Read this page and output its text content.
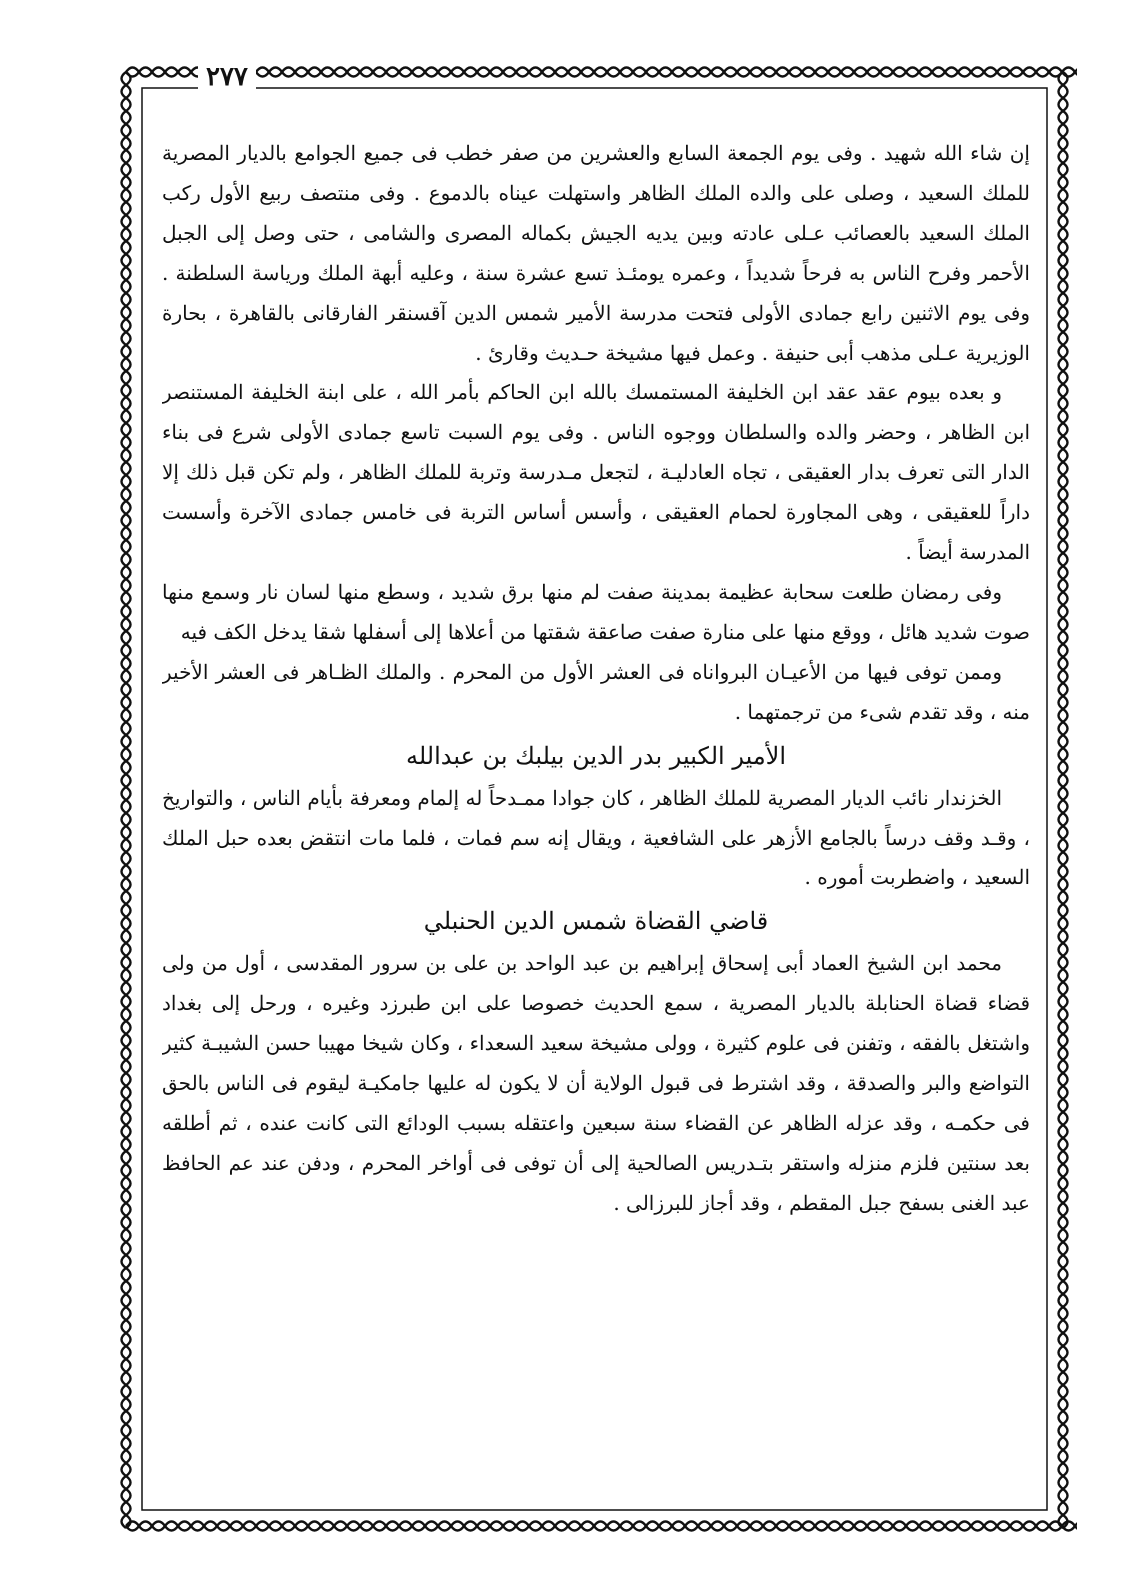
٢٧٧

إن شاء الله شهيد . وفى يوم الجمعة السابع والعشرين من صفر خطب فى جميع الجوامع بالديار المصرية للملك السعيد ، وصلى على والده الملك الظاهر واستهلت عيناه بالدموع . وفى منتصف ربيع الأول ركب الملك السعيد بالعصائب عـلى عادته وبين يديه الجيش بكماله المصرى والشامى ، حتى وصل إلى الجبل الأحمر وفرح الناس به فرحاً شديداً ، وعمره يومئـذ تسع عشرة سنة ، وعليه أبهة الملك ورياسة السلطنة . وفى يوم الاثنين رابع جمادى الأولى فتحت مدرسة الأمير شمس الدين آقسنقر الفارقانى بالقاهرة ، بحارة الوزيرية عـلى مذهب أبى حنيفة . وعمل فيها مشيخة حـديث وقارئ .

و بعده بيوم عقد عقد ابن الخليفة المستمسك بالله ابن الحاكم بأمر الله ، على ابنة الخليفة المستنصر ابن الظاهر ، وحضر والده والسلطان ووجوه الناس . وفى يوم السبت تاسع جمادى الأولى شرع فى بناء الدار التى تعرف بدار العقيقى ، تجاه العادليـة ، لتجعل مـدرسة وتربة للملك الظاهر ، ولم تكن قبل ذلك إلا داراً للعقيقى ، وهى المجاورة لحمام العقيقى ، وأسس أساس التربة فى خامس جمادى الآخرة وأسست المدرسة أيضاً .

وفى رمضان طلعت سحابة عظيمة بمدينة صفت لم منها برق شديد ، وسطع منها لسان نار وسمع منها صوت شديد هائل ، ووقع منها على منارة صفت صاعقة شقتها من أعلاها إلى أسفلها شقا يدخل الكف فيه

وممن توفى فيها من الأعيـان البرواناه فى العشر الأول من المحرم . والملك الظـاهر فى العشر الأخير منه ، وقد تقدم شىء من ترجمتهما .

الأمير الكبير بدر الدين بيلبك بن عبدالله

الخزندار نائب الديار المصرية للملك الظاهر ، كان جوادا ممـدحاً له إلمام ومعرفة بأيام الناس ، والتواريخ ، وقـد وقف درساً بالجامع الأزهر على الشافعية ، ويقال إنه سم فمات ، فلما مات انتقض بعده حبل الملك السعيد ، واضطربت أموره .

قاضي القضاة شمس الدين الحنبلي

محمد ابن الشيخ العماد أبى إسحاق إبراهيم بن عبد الواحد بن على بن سرور المقدسى ، أول من ولى قضاء قضاة الحنابلة بالديار المصرية ، سمع الحديث خصوصا على ابن طبرزد وغيره ، ورحل إلى بغداد واشتغل بالفقه ، وتفنن فى علوم كثيرة ، وولى مشيخة سعيد السعداء ، وكان شيخا مهيبا حسن الشيبـة كثير التواضع والبر والصدقة ، وقد اشترط فى قبول الولاية أن لا يكون له عليها جامكيـة ليقوم فى الناس بالحق فى حكمـه ، وقد عزله الظاهر عن القضاء سنة سبعين واعتقله بسبب الودائع التى كانت عنده ، ثم أطلقه بعد سنتين فلزم منزله واستقر بتـدريس الصالحية إلى أن توفى فى أواخر المحرم ، ودفن عند عم الحافظ عبد الغنى بسفح جبل المقطم ، وقد أجاز للبرزالى .
